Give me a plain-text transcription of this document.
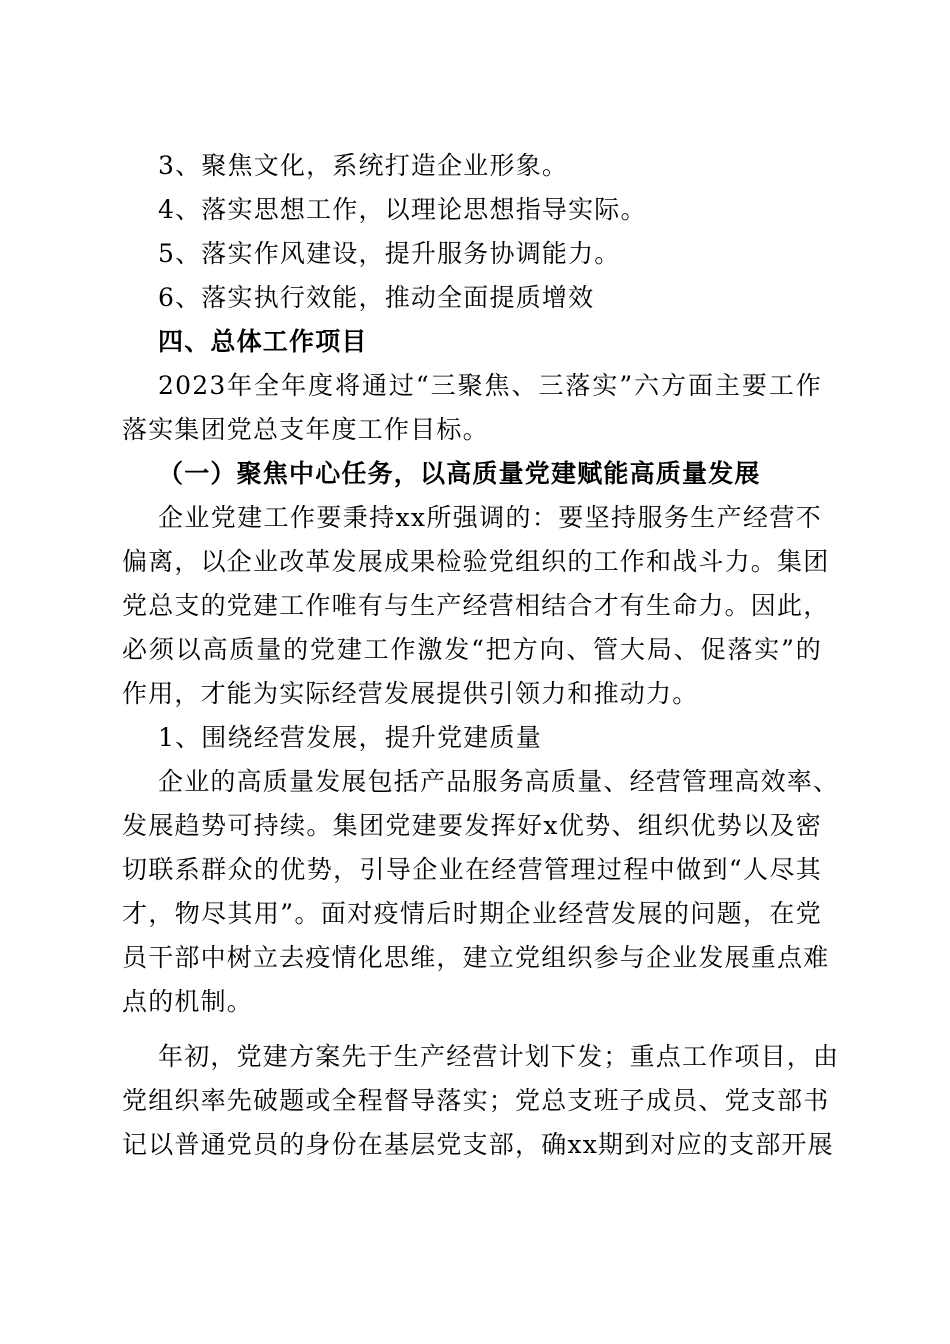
3、聚焦文化，系统打造企业形象。
4、落实思想工作，以理论思想指导实际。
5、落实作风建设，提升服务协调能力。
6、落实执行效能，推动全面提质增效
四、总体工作项目
2023年全年度将通过“三聚焦、三落实”六方面主要工作
落实集团党总支年度工作目标。
（一）聚焦中心任务，以高质量党建赋能高质量发展
企业党建工作要秉持xx所强调的：要坚持服务生产经营不
偏离，以企业改革发展成果检验党组织的工作和战斗力。集团
党总支的党建工作唯有与生产经营相结合才有生命力。因此，
必须以高质量的党建工作激发“把方向、管大局、促落实”的
作用，才能为实际经营发展提供引领力和推动力。
1、围绕经营发展，提升党建质量
企业的高质量发展包括产品服务高质量、经营管理高效率、
发展趋势可持续。集团党建要发挥好x优势、组织优势以及密
切联系群众的优势，引导企业在经营管理过程中做到“人尽其
才，物尽其用”。面对疫情后时期企业经营发展的问题，在党
员干部中树立去疫情化思维，建立党组织参与企业发展重点难
点的机制。
年初，党建方案先于生产经营计划下发；重点工作项目，由
党组织率先破题或全程督导落实；党总支班子成员、党支部书
记以普通党员的身份在基层党支部，确xx期到对应的支部开展
